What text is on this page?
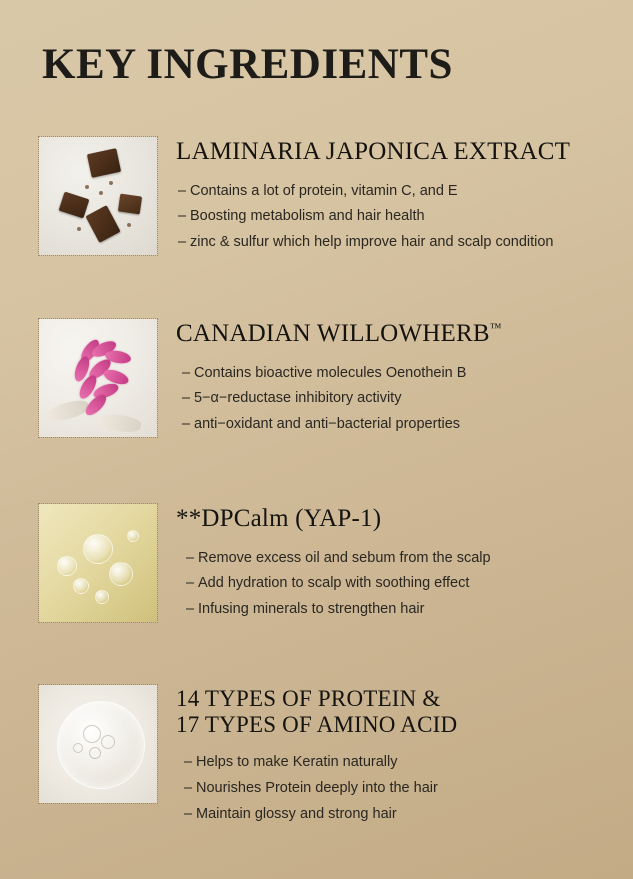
KEY INGREDIENTS
LAMINARIA JAPONICA EXTRACT
– Contains a lot of protein, vitamin C, and E
– Boosting metabolism and hair health
– zinc & sulfur which help improve hair and scalp condition
CANADIAN WILLOWHERB™
– Contains bioactive molecules Oenothein B
– 5−α−reductase inhibitory activity
– anti−oxidant and anti−bacterial properties
**DPCalm (YAP-1)
– Remove excess oil and sebum from the scalp
– Add hydration to scalp with soothing effect
– Infusing minerals to strengthen hair
14 TYPES OF PROTEIN &
17 TYPES OF AMINO ACID
– Helps to make Keratin naturally
– Nourishes Protein deeply into the hair
– Maintain glossy and strong hair
